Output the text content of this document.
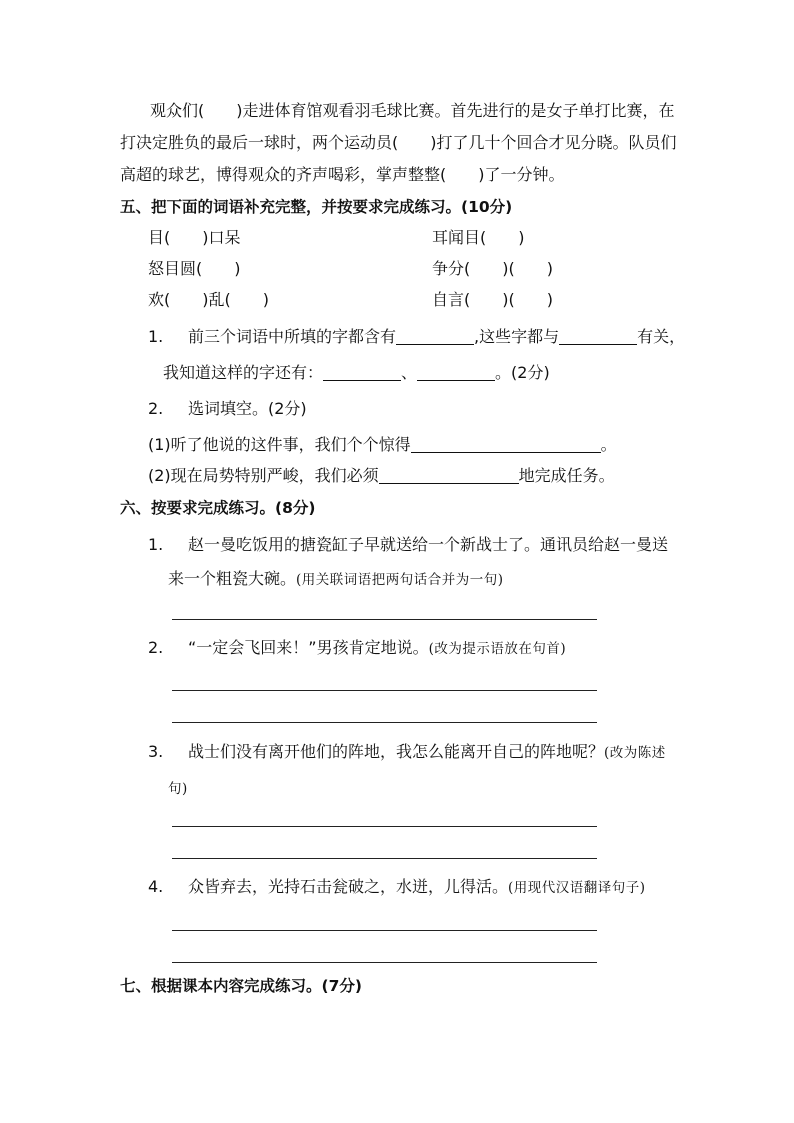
观众们(　　)走进体育馆观看羽毛球比赛。首先进行的是女子单打比赛，在
打决定胜负的最后一球时，两个运动员(　　)打了几十个回合才见分晓。队员们
高超的球艺，博得观众的齐声喝彩，掌声整整(　　)了一分钟。
五、把下面的词语补充完整，并按要求完成练习。(10分)
目(　　)口呆	耳闻目(　　)
怒目圆(　　)	争分(　　)(　　)
欢(　　)乱(　　)	自言(　　)(　　)
1. 前三个词语中所填的字都含有	,这些字都与	有关，
我知道这样的字还有：	、	。(2分)
2. 选词填空。(2分)
(1)听了他说的这件事，我们个个惊得	。
(2)现在局势特别严峻，我们必须	地完成任务。
六、按要求完成练习。(8分)
1. 赵一曼吃饭用的搪瓷缸子早就送给一个新战士了。通讯员给赵一曼送
来一个粗瓷大碗。(用关联词语把两句话合并为一句)
2. “一定会飞回来！”男孩肯定地说。(改为提示语放在句首)
3. 战士们没有离开他们的阵地，我怎么能离开自己的阵地呢？(改为陈述
句)
4. 众皆弃去，光持石击瓮破之，水迸，儿得活。(用现代汉语翻译句子)
七、根据课本内容完成练习。(7分)
